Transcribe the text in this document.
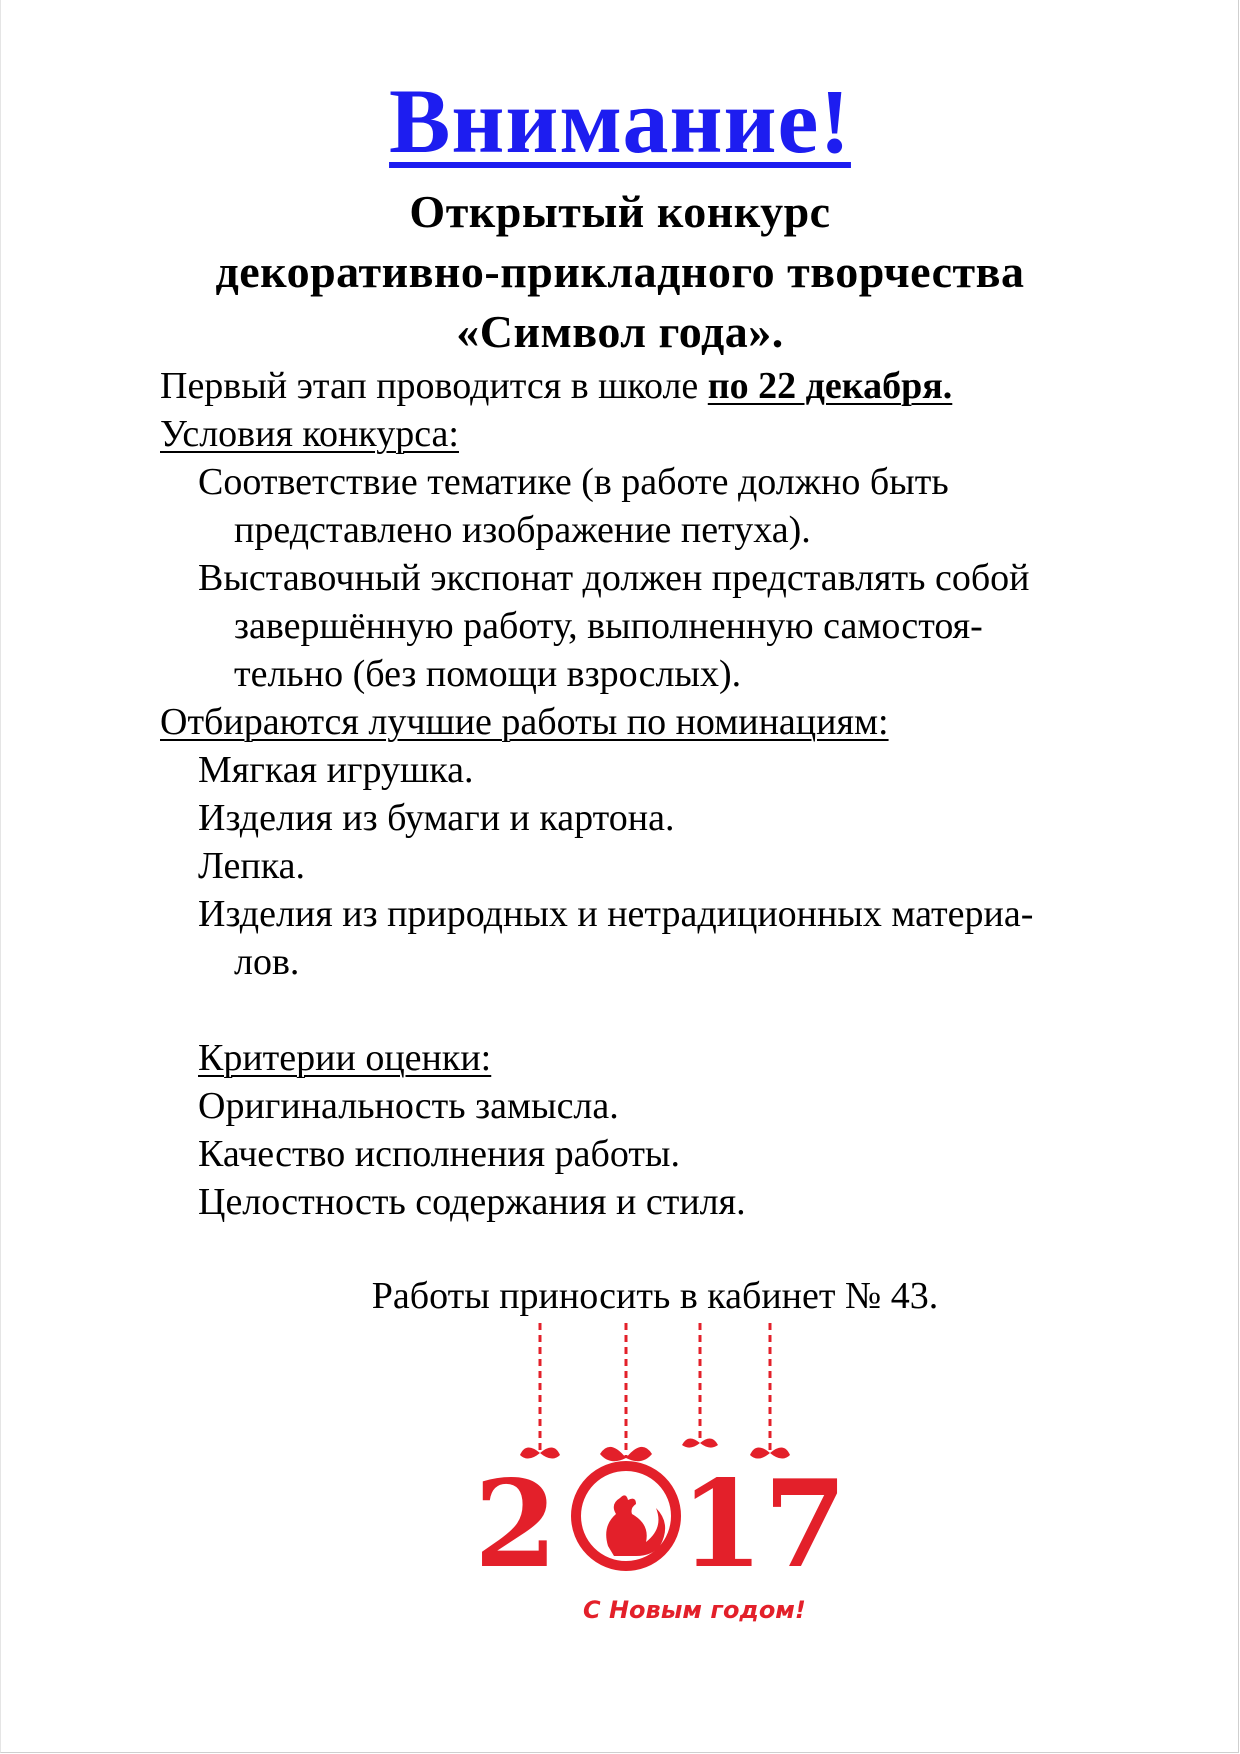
Внимание!
Открытый конкурс
декоративно-прикладного творчества
«Символ года».
Первый этап проводится в школе по 22 декабря.
Условия конкурса:
Соответствие тематике (в работе должно быть
представлено изображение петуха).
Выставочный экспонат должен представлять собой
завершённую работу, выполненную самостоя-
тельно (без помощи взрослых).
Отбираются лучшие работы по номинациям:
Мягкая игрушка.
Изделия из бумаги и картона.
Лепка.
Изделия из природных и нетрадиционных материа-
лов.
Критерии оценки:
Оригинальность замысла.
Качество исполнения работы.
Целостность содержания и стиля.
Работы приносить в кабинет № 43.
2 17
С Новым годом!
